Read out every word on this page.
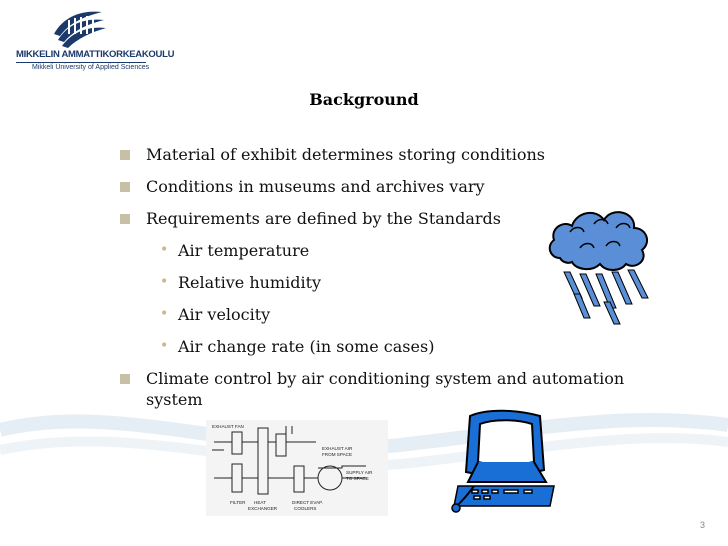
MIKKELIN AMMATTIKORKEAKOULU
Mikkeli University of Applied Sciences
Background
Material of exhibit determines storing conditions
Conditions in museums and archives vary
Requirements are defined by the Standards
• Air temperature
• Relative humidity
• Air velocity
• Air change rate (in some cases)
Climate control by air conditioning system and automation system
EXHAUST FAN
EXHAUST AIR
FROM SPACE
SUPPLY AIR
TO SPACE
FILTER HEAT
EXCHANGER
DIRECT EVAP.
COOLERS
3
